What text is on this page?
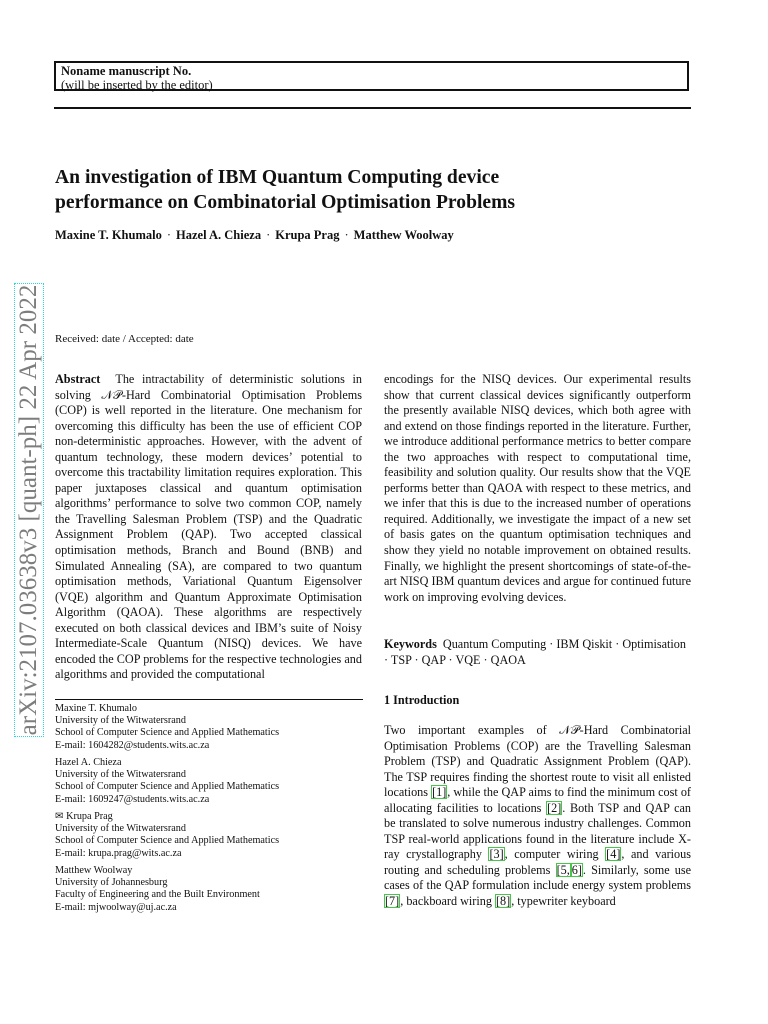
Noname manuscript No.
(will be inserted by the editor)
An investigation of IBM Quantum Computing device
performance on Combinatorial Optimisation Problems
Maxine T. Khumalo · Hazel A. Chieza · Krupa Prag · Matthew Woolway
arXiv:2107.03638v3 [quant-ph] 22 Apr 2022 Received: date / Accepted: date
Abstract The intractability of deterministic solutions in solving 𝒩𝒫-Hard Combinatorial Optimisation Problems (COP) is well reported in the literature. One mechanism for overcoming this difficulty has been the use of efficient COP non-deterministic approaches. However, with the advent of quantum technology, these modern devices’ potential to overcome this tractability limitation requires exploration. This paper juxtaposes classical and quantum optimisation algorithms’ performance to solve two common COP, namely the Travelling Salesman Problem (TSP) and the Quadratic Assignment Problem (QAP). Two accepted classical optimisation methods, Branch and Bound (BNB) and Simulated Annealing (SA), are compared to two quantum optimisation methods, Variational Quantum Eigensolver (VQE) algorithm and Quantum Approximate Optimisation Algorithm (QAOA). These algorithms are respectively executed on both classical devices and IBM’s suite of Noisy Intermediate-Scale Quantum (NISQ) devices. We have encoded the COP problems for the respective technologies and algorithms and provided the computational
encodings for the NISQ devices. Our experimental results show that current classical devices significantly outperform the presently available NISQ devices, which both agree with and extend on those findings reported in the literature. Further, we introduce additional performance metrics to better compare the two approaches with respect to computational time, feasibility and solution quality. Our results show that the VQE performs better than QAOA with respect to these metrics, and we infer that this is due to the increased number of operations required. Additionally, we investigate the impact of a new set of basis gates on the quantum optimisation techniques and show they yield no notable improvement on obtained results. Finally, we highlight the present shortcomings of state-of-the-art NISQ IBM quantum devices and argue for continued future work on improving evolving devices.
Keywords Quantum Computing · IBM Qiskit · Optimisation · TSP · QAP · VQE · QAOA
Maxine T. Khumalo
University of the Witwatersrand
School of Computer Science and Applied Mathematics
E-mail: 1604282@students.wits.ac.za
Hazel A. Chieza
University of the Witwatersrand
School of Computer Science and Applied Mathematics
E-mail: 1609247@students.wits.ac.za
✉ Krupa Prag
University of the Witwatersrand
School of Computer Science and Applied Mathematics
E-mail: krupa.prag@wits.ac.za
Matthew Woolway
University of Johannesburg
Faculty of Engineering and the Built Environment
E-mail: mjwoolway@uj.ac.za
1 Introduction
Two important examples of 𝒩𝒫-Hard Combinatorial Optimisation Problems (COP) are the Travelling Salesman Problem (TSP) and Quadratic Assignment Problem (QAP). The TSP requires finding the shortest route to visit all enlisted locations [1], while the QAP aims to find the minimum cost of allocating facilities to locations [2]. Both TSP and QAP can be translated to solve numerous industry challenges. Common TSP real-world applications found in the literature include X-ray crystallography [3], computer wiring [4], and various routing and scheduling problems [5, 6]. Similarly, some use cases of the QAP formulation include energy system problems [7], backboard wiring [8], typewriter keyboard
